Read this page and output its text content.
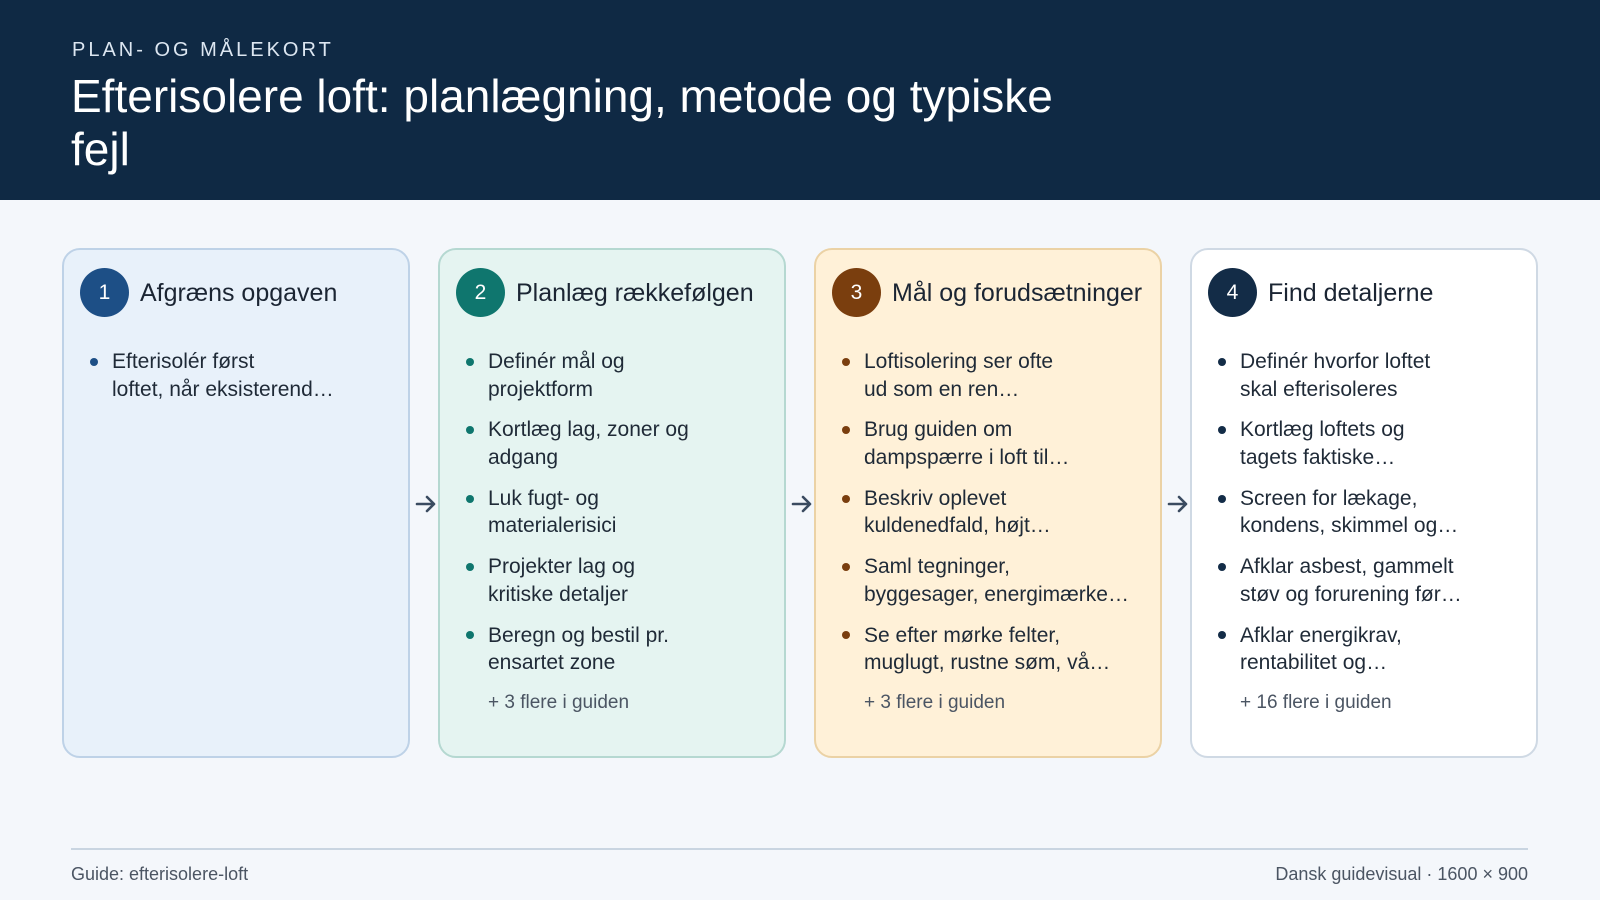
PLAN- OG MÅLEKORT
Efterisolere loft: planlægning, metode og typiske fejl
1	Afgræns opgaven
Efterisolér først
loftet, når eksisterend…
2	Planlæg rækkefølgen
Definér mål og
projektform
Kortlæg lag, zoner og
adgang
Luk fugt- og
materialerisici
Projekter lag og
kritiske detaljer
Beregn og bestil pr.
ensartet zone
+ 3 flere i guiden
3	Mål og forudsætninger
Loftisolering ser ofte
ud som en ren…
Brug guiden om
dampspærre i loft til…
Beskriv oplevet
kuldenedfald, højt…
Saml tegninger,
byggesager, energimærke…
Se efter mørke felter,
muglugt, rustne søm, vå…
+ 3 flere i guiden
4	Find detaljerne
Definér hvorfor loftet
skal efterisoleres
Kortlæg loftets og
tagets faktiske…
Screen for lækage,
kondens, skimmel og…
Afklar asbest, gammelt
støv og forurening før…
Afklar energikrav,
rentabilitet og…
+ 16 flere i guiden
Guide: efterisolere-loft	Dansk guidevisual · 1600 × 900
